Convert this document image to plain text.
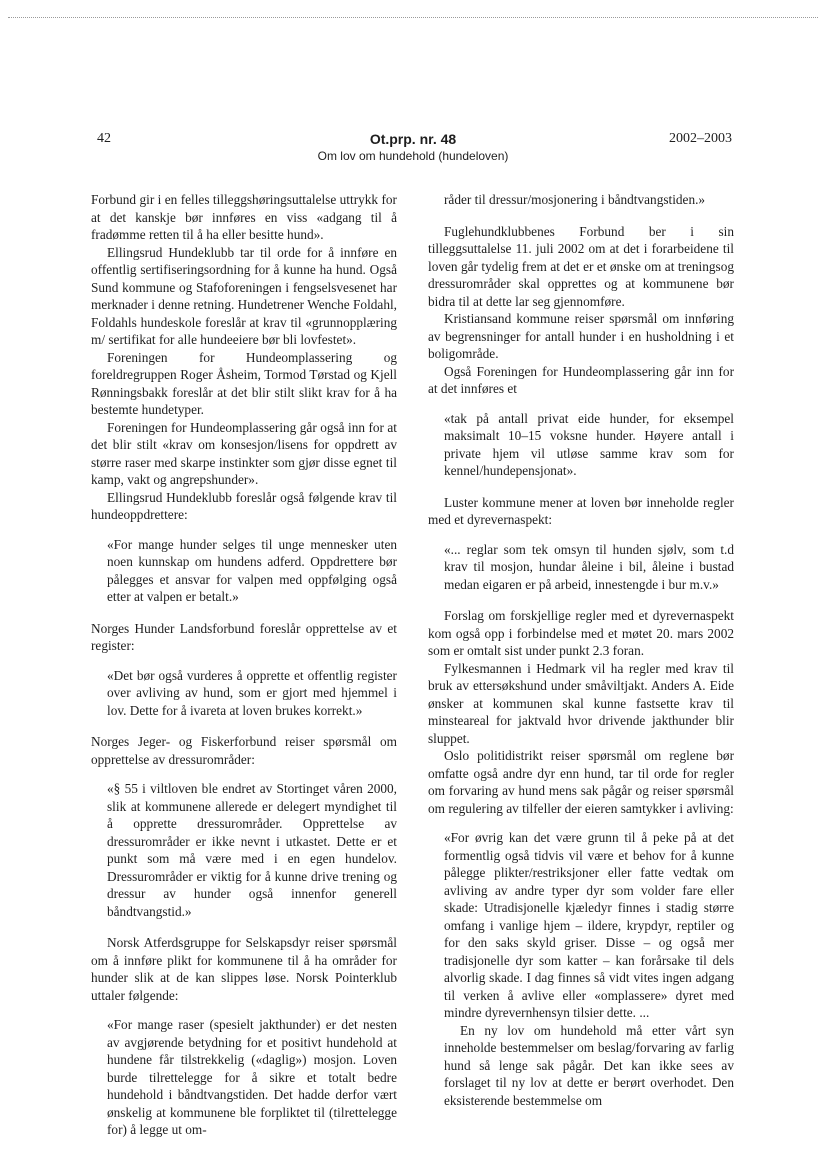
42	Ot.prp. nr. 48
Om lov om hundehold (hundeloven)
2002–2003

Forbund gir i en felles tilleggshøringsuttalelse uttrykk for at det kanskje bør innføres en viss «adgang til å fradømme retten til å ha eller besitte hund».

Ellingsrud Hundeklubb tar til orde for å innføre en offentlig sertifiseringsordning for å kunne ha hund. Også Sund kommune og Stafoforeningen i fengselsvesenet har merknader i denne retning. Hundetrener Wenche Foldahl, Foldahls hundeskole foreslår at krav til «grunnopplæring m/ sertifikat for alle hundeeiere bør bli lovfestet».

Foreningen for Hundeomplassering og foreldregruppen Roger Åsheim, Tormod Tørstad og Kjell Rønningsbakk foreslår at det blir stilt slikt krav for å ha bestemte hundetyper.

Foreningen for Hundeomplassering går også inn for at det blir stilt «krav om konsesjon/lisens for oppdrett av større raser med skarpe instinkter som gjør disse egnet til kamp, vakt og angrepshunder».

Ellingsrud Hundeklubb foreslår også følgende krav til hundeoppdrettere:

«For mange hunder selges til unge mennesker uten noen kunnskap om hundens adferd. Oppdrettere bør pålegges et ansvar for valpen med oppfølging også etter at valpen er betalt.»

Norges Hunder Landsforbund foreslår opprettelse av et register:

«Det bør også vurderes å opprette et offentlig register over avliving av hund, som er gjort med hjemmel i lov. Dette for å ivareta at loven brukes korrekt.»

Norges Jeger- og Fiskerforbund reiser spørsmål om opprettelse av dressurområder:

«§ 55 i viltloven ble endret av Stortinget våren 2000, slik at kommunene allerede er delegert myndighet til å opprette dressurområder. Opprettelse av dressurområder er ikke nevnt i utkastet. Dette er et punkt som må være med i en egen hundelov. Dressurområder er viktig for å kunne drive trening og dressur av hunder også innenfor generell båndtvangstid.»

Norsk Atferdsgruppe for Selskapsdyr reiser spørsmål om å innføre plikt for kommunene til å ha områder for hunder slik at de kan slippes løse. Norsk Pointerklub uttaler følgende:

«For mange raser (spesielt jakthunder) er det nesten av avgjørende betydning for et positivt hundehold at hundene får tilstrekkelig («daglig») mosjon. Loven burde tilrettelegge for å sikre et totalt bedre hundehold i båndtvangstiden. Det hadde derfor vært ønskelig at kommunene ble forpliktet til (tilrettelegge for) å legge ut om-

råder til dressur/mosjonering i båndtvangstiden.»

Fuglehundklubbenes Forbund ber i sin tilleggsuttalelse 11. juli 2002 om at det i forarbeidene til loven går tydelig frem at det er et ønske om at treningsog dressurområder skal opprettes og at kommunene bør bidra til at dette lar seg gjennomføre.

Kristiansand kommune reiser spørsmål om innføring av begrensninger for antall hunder i en husholdning i et boligområde.

Også Foreningen for Hundeomplassering går inn for at det innføres et

«tak på antall privat eide hunder, for eksempel maksimalt 10–15 voksne hunder. Høyere antall i private hjem vil utløse samme krav som for kennel/hundepensjonat».

Luster kommune mener at loven bør inneholde regler med et dyrevernaspekt:

«... reglar som tek omsyn til hunden sjølv, som t.d krav til mosjon, hundar åleine i bil, åleine i bustad medan eigaren er på arbeid, innestengde i bur m.v.»

Forslag om forskjellige regler med et dyrevernaspekt kom også opp i forbindelse med et møtet 20. mars 2002 som er omtalt sist under punkt 2.3 foran.

Fylkesmannen i Hedmark vil ha regler med krav til bruk av ettersøkshund under småviltjakt. Anders A. Eide ønsker at kommunen skal kunne fastsette krav til minsteareal for jaktvald hvor drivende jakthunder blir sluppet.

Oslo politidistrikt reiser spørsmål om reglene bør omfatte også andre dyr enn hund, tar til orde for regler om forvaring av hund mens sak pågår og reiser spørsmål om regulering av tilfeller der eieren samtykker i avliving:

«For øvrig kan det være grunn til å peke på at det formentlig også tidvis vil være et behov for å kunne pålegge plikter/restriksjoner eller fatte vedtak om avliving av andre typer dyr som volder fare eller skade: Utradisjonelle kjæledyr finnes i stadig større omfang i vanlige hjem – ildere, krypdyr, reptiler og for den saks skyld griser. Disse – og også mer tradisjonelle dyr som katter – kan forårsake til dels alvorlig skade. I dag finnes så vidt vites ingen adgang til verken å avlive eller «omplassere» dyret med mindre dyrevernhensyn tilsier dette. ...

En ny lov om hundehold må etter vårt syn inneholde bestemmelser om beslag/forvaring av farlig hund så lenge sak pågår. Det kan ikke sees av forslaget til ny lov at dette er berørt overhodet. Den eksisterende bestemmelse om
